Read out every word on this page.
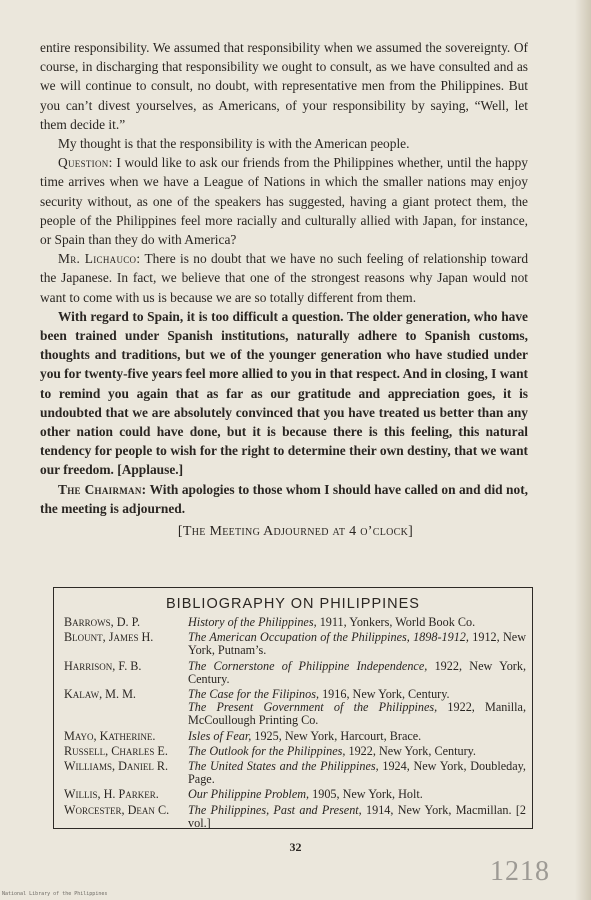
entire responsibility. We assumed that responsibility when we assumed the sovereignty. Of course, in discharging that responsibility we ought to consult, as we have consulted and as we will continue to consult, no doubt, with representative men from the Philippines. But you can’t divest yourselves, as Americans, of your responsibility by saying, “Well, let them decide it.”

My thought is that the responsibility is with the American people.

Question: I would like to ask our friends from the Philippines whether, until the happy time arrives when we have a League of Nations in which the smaller nations may enjoy security without, as one of the speakers has suggested, having a giant protect them, the people of the Philippines feel more racially and culturally allied with Japan, for instance, or Spain than they do with America?

Mr. Lichauco: There is no doubt that we have no such feeling of relationship toward the Japanese. In fact, we believe that one of the strongest reasons why Japan would not want to come with us is because we are so totally different from them.

With regard to Spain, it is too difficult a question. The older generation, who have been trained under Spanish institutions, naturally adhere to Spanish customs, thoughts and traditions, but we of the younger generation who have studied under you for twenty-five years feel more allied to you in that respect. And in closing, I want to remind you again that as far as our gratitude and appreciation goes, it is undoubted that we are absolutely convinced that you have treated us better than any other nation could have done, but it is because there is this feeling, this natural tendency for people to wish for the right to determine their own destiny, that we want our freedom. [Applause.]

The Chairman: With apologies to those whom I should have called on and did not, the meeting is adjourned.

[The Meeting Adjourned at 4 o’clock]
BIBLIOGRAPHY ON PHILIPPINES
Barrows, D. P.	History of the Philippines, 1911, Yonkers, World Book Co.
Blount, James H.	The American Occupation of the Philippines, 1898-1912, 1912, New York, Putnam’s.
Harrison, F. B.	The Cornerstone of Philippine Independence, 1922, New York, Century.
Kalaw, M. M.	The Case for the Filipinos, 1916, New York, Century.
The Present Government of the Philippines, 1922, Manilla, McCoullough Printing Co.
Mayo, Katherine.	Isles of Fear, 1925, New York, Harcourt, Brace.
Russell, Charles E.	The Outlook for the Philippines, 1922, New York, Century.
Williams, Daniel R.	The United States and the Philippines, 1924, New York, Doubleday, Page.
Willis, H. Parker.	Our Philippine Problem, 1905, New York, Holt.
Worcester, Dean C.	The Philippines, Past and Present, 1914, New York, Macmillan. [2 vol.]
32
1218
National Library of the Philippines
